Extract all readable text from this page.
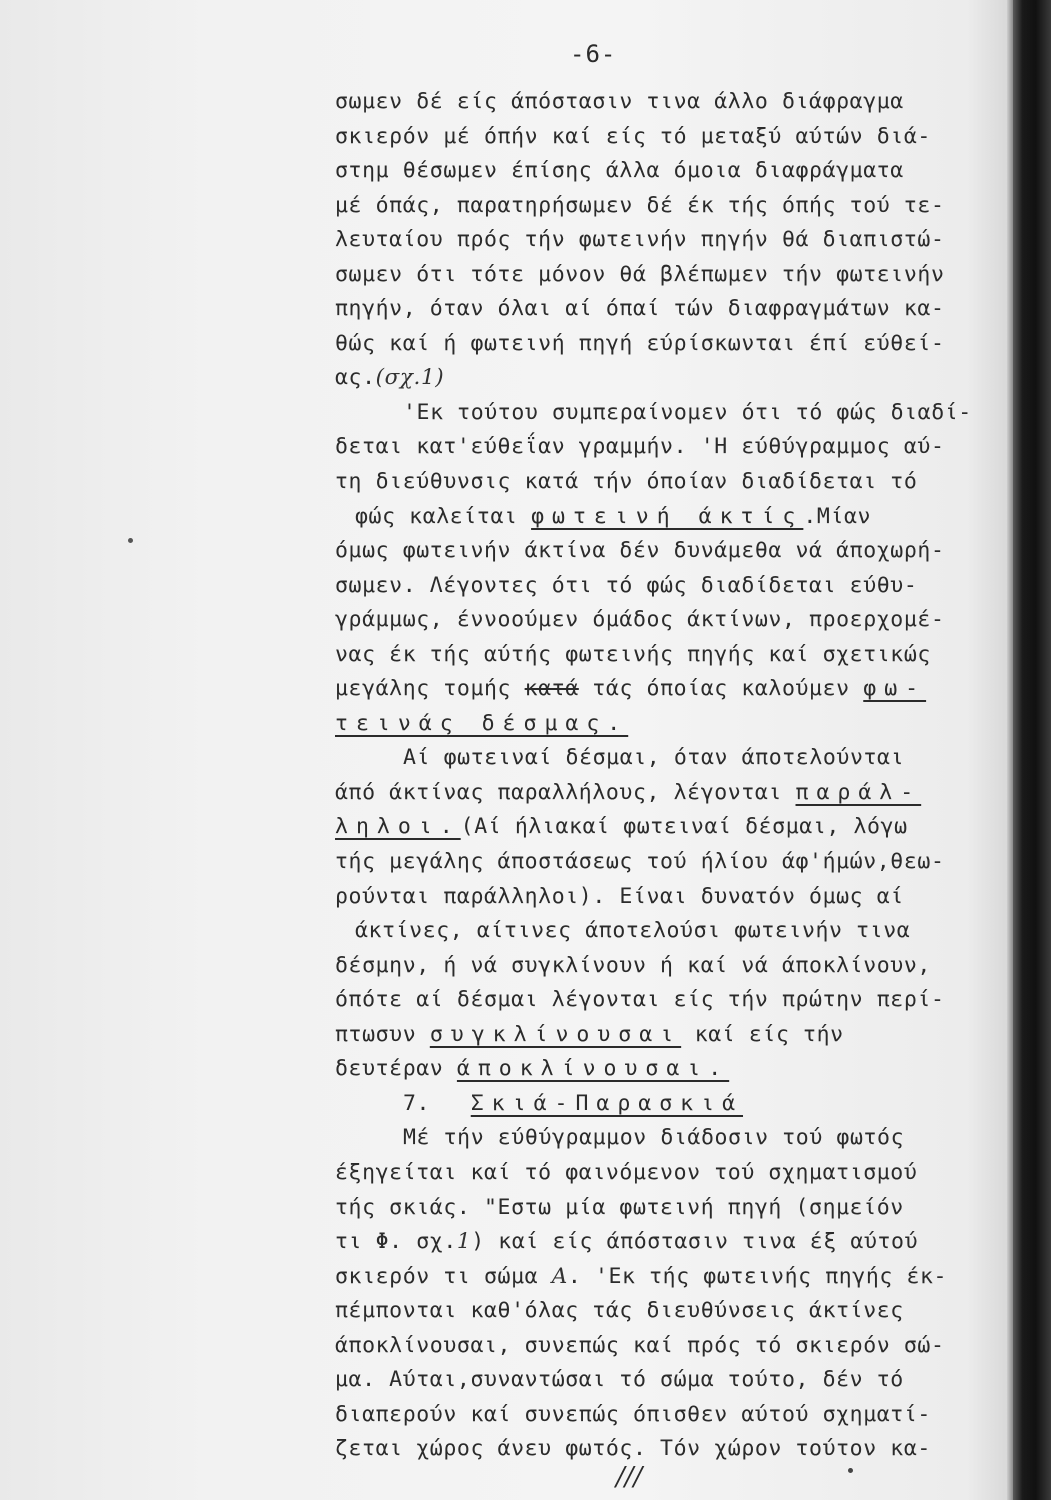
-6-
σωμεν δέ είς άπόστασιν τινα άλλο διάφραγμα
σκιερόν μέ όπήν καί είς τό μεταξύ αύτών διά-
στημ θέσωμεν έπίσης άλλα όμοια διαφράγματα
μέ όπάς, παρατηρήσωμεν δέ έκ τής όπής τού τε-
λευταίου πρός τήν φωτεινήν πηγήν θά διαπιστώ-
σωμεν ότι τότε μόνον θά βλέπωμεν τήν φωτεινήν
πηγήν, όταν όλαι αί όπαί τών διαφραγμάτων κα-
θώς καί ή φωτεινή πηγή εύρίσκωνται έπί εύθεί-
ας.(σχ.1)
'Εκ τούτου συμπεραίνομεν ότι τό φώς διαδί-
δεται κατ'εύθεΐαν γραμμήν. 'Η εύθύγραμμος αύ-
τη διεύθυνσις κατά τήν όποίαν διαδίδεται τό
φώς καλείται φωτεινή άκτίς.Μίαν
όμως φωτεινήν άκτίνα δέν δυνάμεθα νά άποχωρή-
σωμεν. Λέγοντες ότι τό φώς διαδίδεται εύθυ-
γράμμως, έννοούμεν όμάδος άκτίνων, προερχομέ-
νας έκ τής αύτής φωτεινής πηγής καί σχετικώς
μεγάλης τομής κατά τάς όποίας καλούμεν φω-
τεινάς δέσμας.
Αί φωτειναί δέσμαι, όταν άποτελούνται
άπό άκτίνας παραλλήλους, λέγονται παράλ-
ληλοι.(Αί ήλιακαί φωτειναί δέσμαι, λόγω
τής μεγάλης άποστάσεως τού ήλίου άφ'ήμών,θεω-
ρούνται παράλληλοι). Είναι δυνατόν όμως αί
άκτίνες, αίτινες άποτελούσι φωτεινήν τινα
δέσμην, ή νά συγκλίνουν ή καί νά άποκλίνουν,
όπότε αί δέσμαι λέγονται είς τήν πρώτην περί-
πτωσυν συγκλίνουσαι καί είς τήν
δευτέραν άποκλίνουσαι.
7. Σκιά-Παρασκιά
Μέ τήν εύθύγραμμον διάδοσιν τού φωτός
έξηγείται καί τό φαινόμενον τού σχηματισμού
τής σκιάς. "Εστω μία φωτεινή πηγή (σημείόν
τι Φ. σχ.1) καί είς άπόστασιν τινα έξ αύτού
σκιερόν τι σώμα Α. 'Εκ τής φωτεινής πηγής έκ-
πέμπονται καθ'όλας τάς διευθύνσεις άκτίνες
άποκλίνουσαι, συνεπώς καί πρός τό σκιερόν σώ-
μα. Αύται,συναντώσαι τό σώμα τούτο, δέν τό
διαπερούν καί συνεπώς όπισθεν αύτού σχηματί-
ζεται χώρος άνευ φωτός. Τόν χώρον τούτον κα-
///
